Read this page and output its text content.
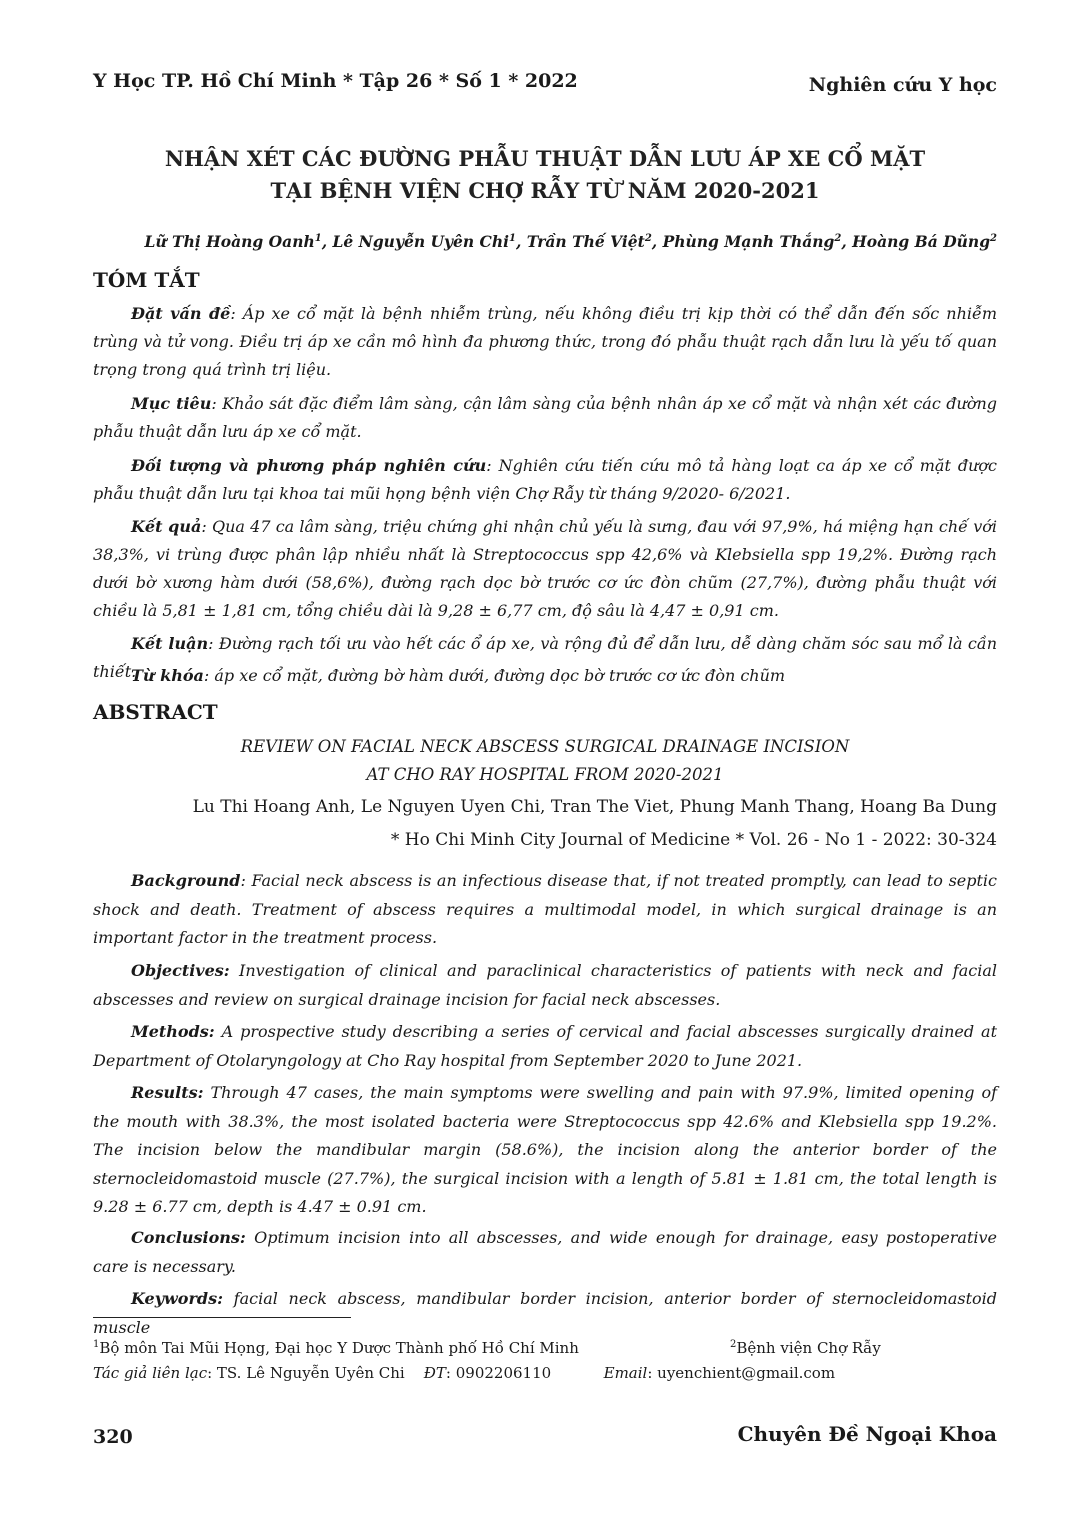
Y Học TP. Hồ Chí Minh * Tập 26 * Số 1 * 2022	Nghiên cứu Y học
NHẬN XÉT CÁC ĐƯỜNG PHẪU THUẬT DẪN LƯU ÁP XE CỔ MẶT
TẠI BỆNH VIỆN CHỢ RẪY TỪ NĂM 2020-2021
Lữ Thị Hoàng Oanh$^1$, Lê Nguyễn Uyên Chi$^1$, Trần Thế Việt$^2$, Phùng Mạnh Thắng$^2$, Hoàng Bá Dũng$^2$
TÓM TẮT
Đặt vấn đề: Áp xe cổ mặt là bệnh nhiễm trùng, nếu không điều trị kịp thời có thể dẫn đến sốc nhiễm trùng và tử vong. Điều trị áp xe cần mô hình đa phương thức, trong đó phẫu thuật rạch dẫn lưu là yếu tố quan trọng trong quá trình trị liệu.
Mục tiêu: Khảo sát đặc điểm lâm sàng, cận lâm sàng của bệnh nhân áp xe cổ mặt và nhận xét các đường phẫu thuật dẫn lưu áp xe cổ mặt.
Đối tượng và phương pháp nghiên cứu: Nghiên cứu tiến cứu mô tả hàng loạt ca áp xe cổ mặt được phẫu thuật dẫn lưu tại khoa tai mũi họng bệnh viện Chợ Rẫy từ tháng 9/2020- 6/2021.
Kết quả: Qua 47 ca lâm sàng, triệu chứng ghi nhận chủ yếu là sưng, đau với 97,9%, há miệng hạn chế với 38,3%, vi trùng được phân lập nhiều nhất là Streptococcus spp 42,6% và Klebsiella spp 19,2%. Đường rạch dưới bờ xương hàm dưới (58,6%), đường rạch dọc bờ trước cơ ức đòn chũm (27,7%), đường phẫu thuật với chiều là 5,81 ± 1,81 cm, tổng chiều dài là 9,28 ± 6,77 cm, độ sâu là 4,47 ± 0,91 cm.
Kết luận: Đường rạch tối ưu vào hết các ổ áp xe, và rộng đủ để dẫn lưu, dễ dàng chăm sóc sau mổ là cần thiết.
Từ khóa: áp xe cổ mặt, đường bờ hàm dưới, đường dọc bờ trước cơ ức đòn chũm
ABSTRACT
REVIEW ON FACIAL NECK ABSCESS SURGICAL DRAINAGE INCISION
AT CHO RAY HOSPITAL FROM 2020-2021
Lu Thi Hoang Anh, Le Nguyen Uyen Chi, Tran The Viet, Phung Manh Thang, Hoang Ba Dung
* Ho Chi Minh City Journal of Medicine * Vol. 26 - No 1 - 2022: 30-324
Background: Facial neck abscess is an infectious disease that, if not treated promptly, can lead to septic shock and death. Treatment of abscess requires a multimodal model, in which surgical drainage is an important factor in the treatment process.
Objectives: Investigation of clinical and paraclinical characteristics of patients with neck and facial abscesses and review on surgical drainage incision for facial neck abscesses.
Methods: A prospective study describing a series of cervical and facial abscesses surgically drained at Department of Otolaryngology at Cho Ray hospital from September 2020 to June 2021.
Results: Through 47 cases, the main symptoms were swelling and pain with 97.9%, limited opening of the mouth with 38.3%, the most isolated bacteria were Streptococcus spp 42.6% and Klebsiella spp 19.2%. The incision below the mandibular margin (58.6%), the incision along the anterior border of the sternocleidomastoid muscle (27.7%), the surgical incision with a length of 5.81 ± 1.81 cm, the total length is 9.28 ± 6.77 cm, depth is 4.47 ± 0.91 cm.
Conclusions: Optimum incision into all abscesses, and wide enough for drainage, easy postoperative care is necessary.
Keywords: facial neck abscess, mandibular border incision, anterior border of sternocleidomastoid muscle
$^1$Bộ môn Tai Mũi Họng, Đại học Y Dược Thành phố Hồ Chí Minh	$^2$Bệnh viện Chợ Rẫy
Tác giả liên lạc: TS. Lê Nguyễn Uyên Chi ĐT: 0902206110	Email: uyenchient@gmail.com
320	Chuyên Đề Ngoại Khoa
